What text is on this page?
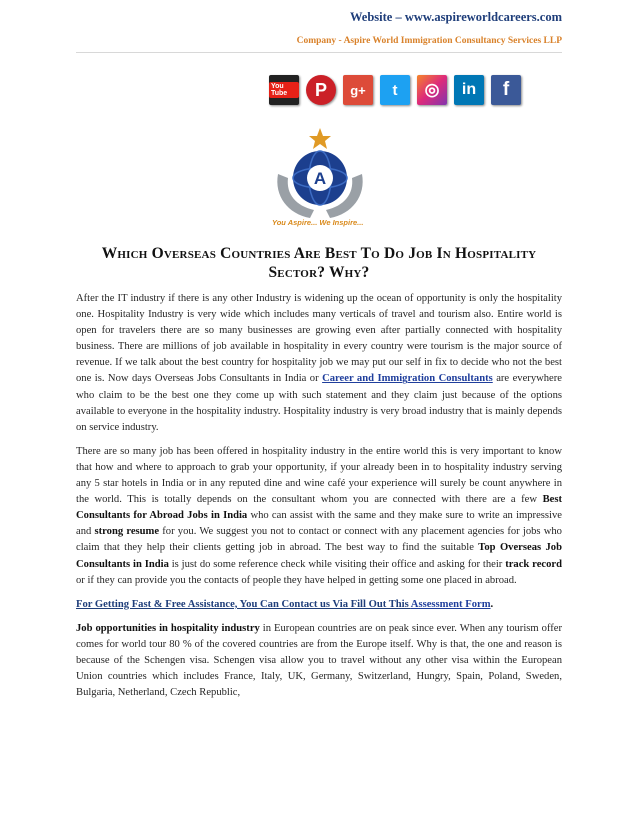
Website – www.aspireworldcareers.com
Company - Aspire World Immigration Consultancy Services LLP
You Tube	P g+ t ◎ in f
A
You Aspire... We Inspire...
Which Overseas Countries Are Best To Do Job In Hospitality Sector? Why?

After the IT industry if there is any other Industry is widening up the ocean of opportunity is only the hospitality one. Hospitality Industry is very wide which includes many verticals of travel and tourism also. Entire world is open for travelers there are so many businesses are growing even after partially connected with hospitality business. There are millions of job available in hospitality in every country were tourism is the major source of revenue. If we talk about the best country for hospitality job we may put our self in fix to decide who not the best one is. Now days Overseas Jobs Consultants in India or Career and Immigration Consultants are everywhere who claim to be the best one they come up with such statement and they claim just because of the options available to everyone in the hospitality industry. Hospitality industry is very broad industry that is mainly depends on service industry.

There are so many job has been offered in hospitality industry in the entire world this is very important to know that how and where to approach to grab your opportunity, if your already been in to hospitality industry serving any 5 star hotels in India or in any reputed dine and wine café your experience will surely be count anywhere in the world. This is totally depends on the consultant whom you are connected with there are a few Best Consultants for Abroad Jobs in India who can assist with the same and they make sure to write an impressive and strong resume for you. We suggest you not to contact or connect with any placement agencies for jobs who claim that they help their clients getting job in abroad. The best way to find the suitable Top Overseas Job Consultants in India is just do some reference check while visiting their office and asking for their track record or if they can provide you the contacts of people they have helped in getting some one placed in abroad.

For Getting Fast & Free Assistance, You Can Contact us Via Fill Out This Assessment Form.

Job opportunities in hospitality industry in European countries are on peak since ever. When any tourism offer comes for world tour 80 % of the covered countries are from the Europe itself. Why is that, the one and reason is because of the Schengen visa. Schengen visa allow you to travel without any other visa within the European Union countries which includes France, Italy, UK, Germany, Switzerland, Hungry, Spain, Poland, Sweden, Bulgaria, Netherland, Czech Republic,
